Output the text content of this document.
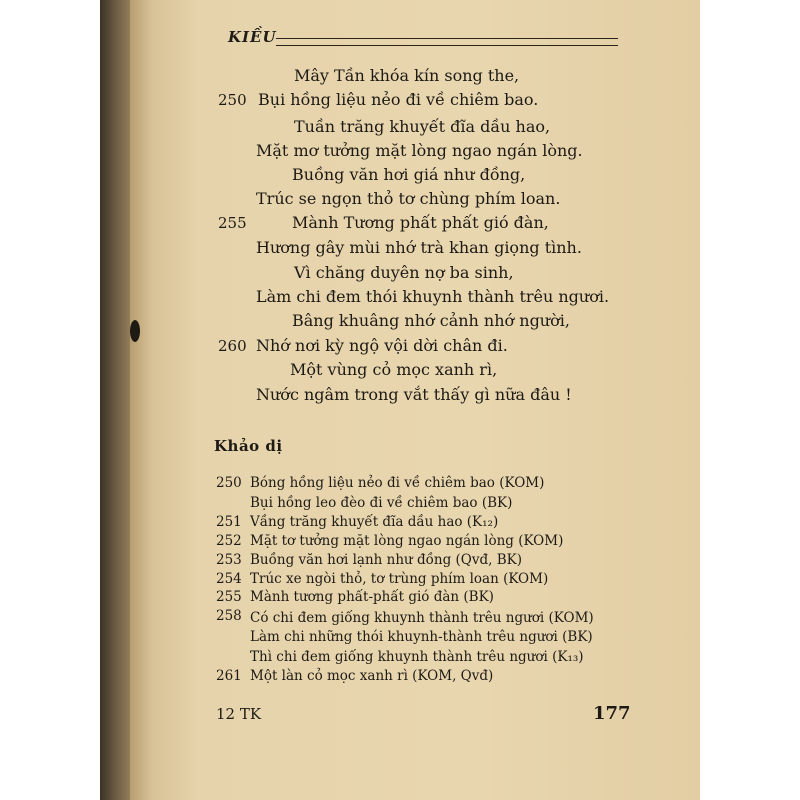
KIỀU
Mây Tần khóa kín song the,
250 Bụi hồng liệu nẻo đi về chiêm bao.
Tuần trăng khuyết đĩa dầu hao,
Mặt mơ tưởng mặt lòng ngao ngán lòng.
Buồng văn hơi giá như đồng,
Trúc se ngọn thỏ tơ chùng phím loan.
255	Mành Tương phất phất gió đàn,
Hương gây mùi nhớ trà khan giọng tình.
Vì chăng duyên nợ ba sinh,
Làm chi đem thói khuynh thành trêu ngươi.
Bâng khuâng nhớ cảnh nhớ người,
260 Nhớ nơi kỳ ngộ vội dời chân đi.
Một vùng cỏ mọc xanh rì,
Nước ngâm trong vắt thấy gì nữa đâu !
Khảo dị
250 Bóng hồng liệu nẻo đi về chiêm bao (KOM)
Bụi hồng leo đèo đi về chiêm bao (BK)
251 Vầng trăng khuyết đĩa dầu hao (K₁₂)
252 Mặt tơ tưởng mặt lòng ngao ngán lòng (KOM)
253 Buồng văn hơi lạnh như đồng (Qvđ, BK)
254 Trúc xe ngòi thỏ, tơ trùng phím loan (KOM)
255 Mành tương phất-phất gió đàn (BK)
258 Có chi đem giống khuynh thành trêu ngươi (KOM)
Làm chi những thói khuynh-thành trêu ngươi (BK)
Thì chi đem giống khuynh thành trêu ngươi (K₁₃)
261 Một làn cỏ mọc xanh rì (KOM, Qvđ)
12 TK	177
